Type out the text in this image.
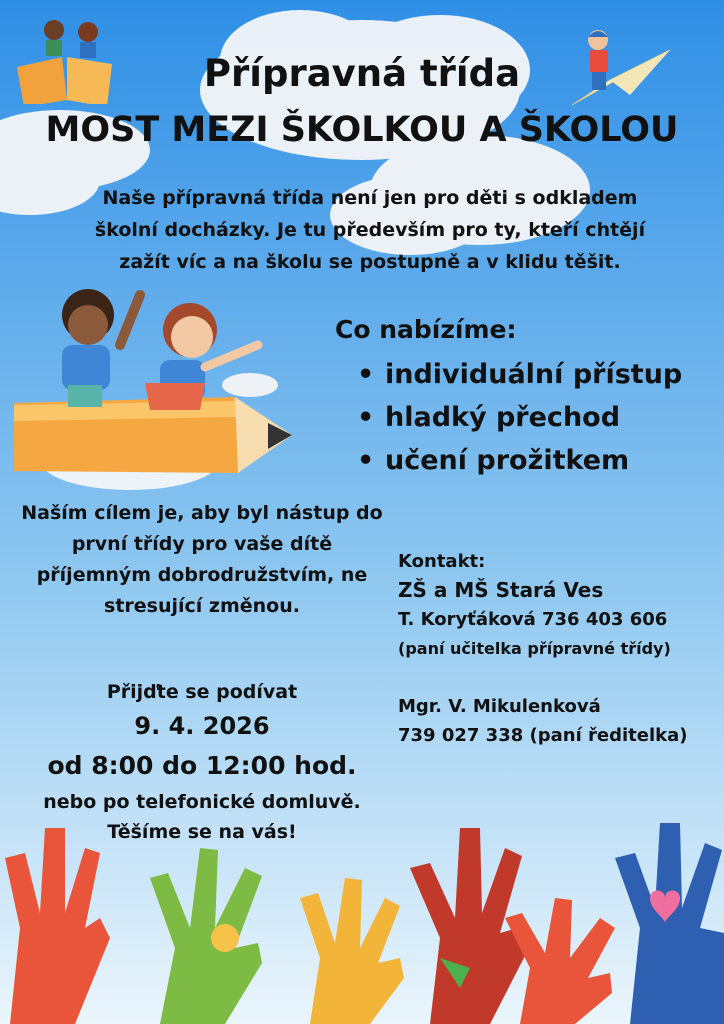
Přípravná třída
MOST MEZI ŠKOLKOU A ŠKOLOU
Naše přípravná třída není jen pro děti s odkladem školní docházky. Je tu především pro ty, kteří chtějí zažít víc a na školu se postupně a v klidu těšit.
Co nabízíme:
• individuální přístup
• hladký přechod
• učení prožitkem
Naším cílem je, aby byl nástup do první třídy pro vaše dítě příjemným dobrodružstvím, ne stresující změnou.
Kontakt:
ZŠ a MŠ Stará Ves
T. Koryťáková 736 403 606
(paní učitelka přípravné třídy)
Mgr. V. Mikulenková
739 027 338 (paní ředitelka)
Přijďte se podívat
9. 4. 2026
od 8:00 do 12:00 hod.
nebo po telefonické domluvě.
Těšíme se na vás!
